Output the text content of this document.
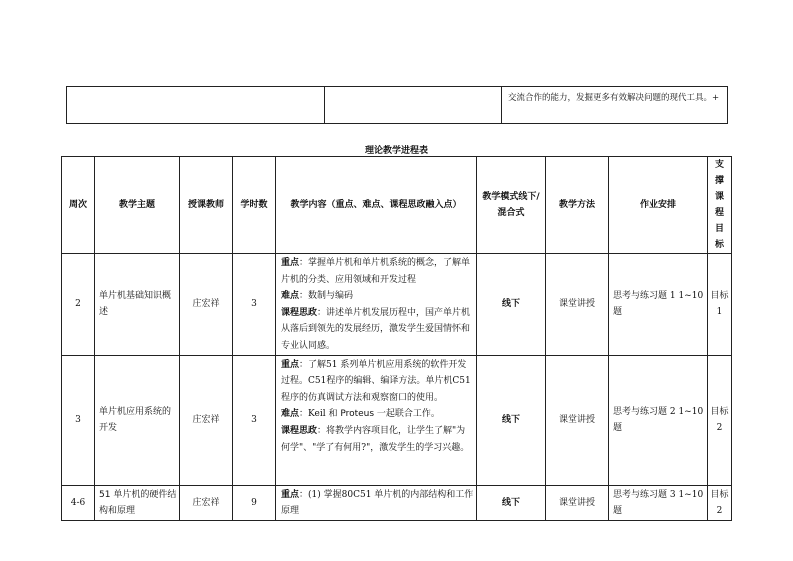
交流合作的能力，发掘更多有效解决问题的现代工具。+
理论教学进程表
周次	教学主题	授课教师	学时数	教学内容（重点、难点、课程思政融入点）	教学模式线下/混合式	教学方法	作业安排	支撑课程目标
2	单片机基础知识概述	庄宏祥	3	重点：掌握单片机和单片机系统的概念，了解单片机的分类、应用领域和开发过程
难点：数制与编码
课程思政：讲述单片机发展历程中，国产单片机从落后到领先的发展经历，激发学生爱国情怀和专业认同感。	线下	课堂讲授	思考与练习题 1 1~10 题	目标 1
3	单片机应用系统的开发	庄宏祥	3	重点：了解51 系列单片机应用系统的软件开发过程。C51程序的编辑、编译方法。单片机C51程序的仿真调试方法和观察窗口的使用。
难点：Keil 和 Proteus 一起联合工作。
课程思政：将教学内容项目化，让学生了解"为何学"、"学了有何用?"，激发学生的学习兴趣。	线下	课堂讲授	思考与练习题 2 1~10 题	目标 2
4-6	51 单片机的硬件结构和原理	庄宏祥	9	重点：(1) 掌握80C51 单片机的内部结构和工作原理	线下	课堂讲授	思考与练习题 3 1~10 题	目标 2
